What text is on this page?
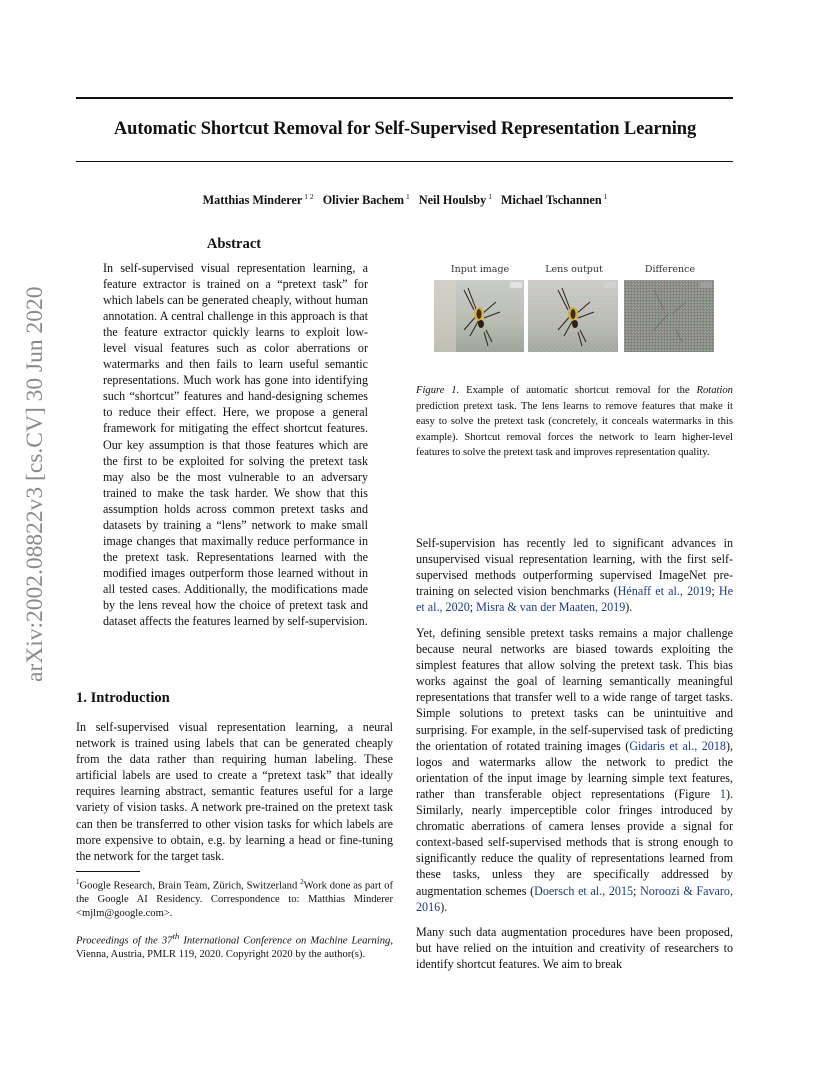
Automatic Shortcut Removal for Self-Supervised Representation Learning
Matthias Minderer $^{1 2}$ Olivier Bachem $^1$ Neil Houlsby $^1$ Michael Tschannen $^1$
arXiv:2002.08822v3 [cs.CV] 30 Jun 2020
Abstract
In self-supervised visual representation learning, a feature extractor is trained on a “pretext task” for which labels can be generated cheaply, without human annotation. A central challenge in this approach is that the feature extractor quickly learns to exploit low-level visual features such as color aberrations or watermarks and then fails to learn useful semantic representations. Much work has gone into identifying such “shortcut” features and hand-designing schemes to reduce their effect. Here, we propose a general framework for mitigating the effect shortcut features. Our key assumption is that those features which are the first to be exploited for solving the pretext task may also be the most vulnerable to an adversary trained to make the task harder. We show that this assumption holds across common pretext tasks and datasets by training a “lens” network to make small image changes that maximally reduce performance in the pretext task. Representations learned with the modified images outperform those learned without in all tested cases. Additionally, the modifications made by the lens reveal how the choice of pretext task and dataset affects the features learned by self-supervision.
1. Introduction
In self-supervised visual representation learning, a neural network is trained using labels that can be generated cheaply from the data rather than requiring human labeling. These artificial labels are used to create a “pretext task” that ideally requires learning abstract, semantic features useful for a large variety of vision tasks. A network pre-trained on the pretext task can then be transferred to other vision tasks for which labels are more expensive to obtain, e.g. by learning a head or fine-tuning the network for the target task.
$^1$Google Research, Brain Team, Zürich, Switzerland $^2$Work done as part of the Google AI Residency. Correspondence to: Matthias Minderer <mjlm@google.com>.
Proceedings of the 37th International Conference on Machine Learning, Vienna, Austria, PMLR 119, 2020. Copyright 2020 by the author(s).
Input image	Lens output	Difference
Figure 1. Example of automatic shortcut removal for the Rotation prediction pretext task. The lens learns to remove features that make it easy to solve the pretext task (concretely, it conceals watermarks in this example). Shortcut removal forces the network to learn higher-level features to solve the pretext task and improves representation quality.
Self-supervision has recently led to significant advances in unsupervised visual representation learning, with the first self-supervised methods outperforming supervised ImageNet pre-training on selected vision benchmarks (Hénaff et al., 2019; He et al., 2020; Misra & van der Maaten, 2019).
Yet, defining sensible pretext tasks remains a major challenge because neural networks are biased towards exploiting the simplest features that allow solving the pretext task. This bias works against the goal of learning semantically meaningful representations that transfer well to a wide range of target tasks. Simple solutions to pretext tasks can be unintuitive and surprising. For example, in the self-supervised task of predicting the orientation of rotated training images (Gidaris et al., 2018), logos and watermarks allow the network to predict the orientation of the input image by learning simple text features, rather than transferable object representations (Figure 1). Similarly, nearly imperceptible color fringes introduced by chromatic aberrations of camera lenses provide a signal for context-based self-supervised methods that is strong enough to significantly reduce the quality of representations learned from these tasks, unless they are specifically addressed by augmentation schemes (Doersch et al., 2015; Noroozi & Favaro, 2016).
Many such data augmentation procedures have been proposed, but have relied on the intuition and creativity of researchers to identify shortcut features. We aim to break
